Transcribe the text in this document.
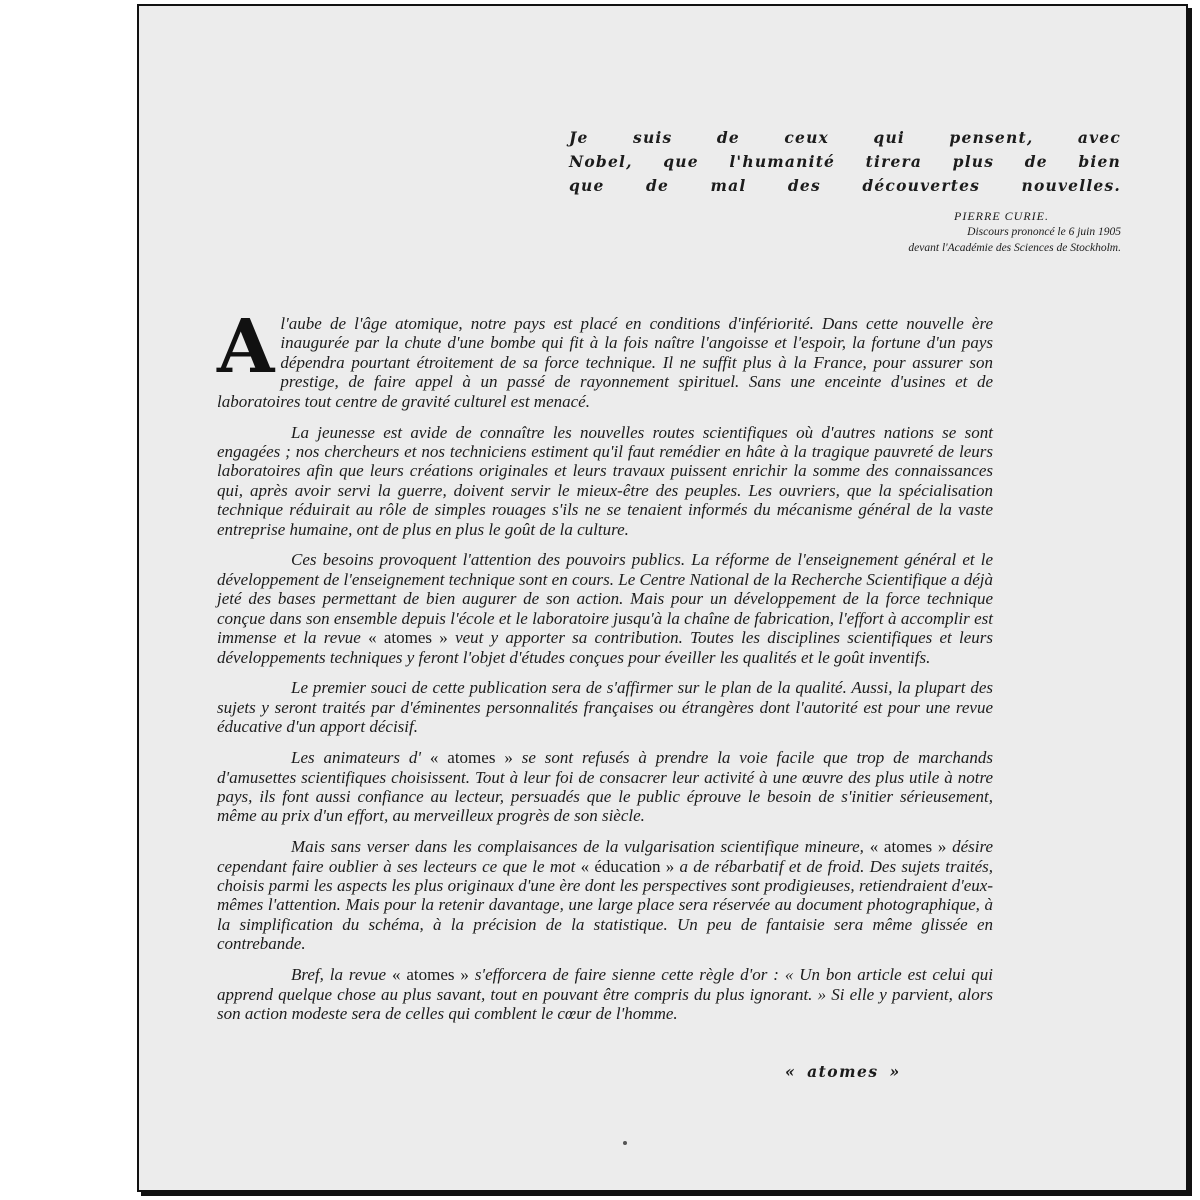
Je suis de ceux qui pensent, avec
Nobel, que l'humanité tirera plus de bien
que de mal des découvertes nouvelles.

PIERRE CURIE.
Discours prononcé le 6 juin 1905
devant l'Académie des Sciences de Stockholm.

Al'aube de l'âge atomique, notre pays est placé en conditions d'infériorité. Dans cette nouvelle ère inaugurée par la chute d'une bombe qui fit à la fois naître l'angoisse et l'espoir, la fortune d'un pays dépendra pourtant étroitement de sa force technique. Il ne suffit plus à la France, pour assurer son prestige, de faire appel à un passé de rayonnement spirituel. Sans une enceinte d'usines et de laboratoires tout centre de gravité culturel est menacé.

La jeunesse est avide de connaître les nouvelles routes scientifiques où d'autres nations se sont engagées ; nos chercheurs et nos techniciens estiment qu'il faut remédier en hâte à la tragique pauvreté de leurs laboratoires afin que leurs créations originales et leurs travaux puissent enrichir la somme des connaissances qui, après avoir servi la guerre, doivent servir le mieux-être des peuples. Les ouvriers, que la spécialisation technique réduirait au rôle de simples rouages s'ils ne se tenaient informés du mécanisme général de la vaste entreprise humaine, ont de plus en plus le goût de la culture.

Ces besoins provoquent l'attention des pouvoirs publics. La réforme de l'enseignement général et le développement de l'enseignement technique sont en cours. Le Centre National de la Recherche Scientifique a déjà jeté des bases permettant de bien augurer de son action. Mais pour un développement de la force technique conçue dans son ensemble depuis l'école et le laboratoire jusqu'à la chaîne de fabrication, l'effort à accomplir est immense et la revue « atomes » veut y apporter sa contribution. Toutes les disciplines scientifiques et leurs développements techniques y feront l'objet d'études conçues pour éveiller les qualités et le goût inventifs.

Le premier souci de cette publication sera de s'affirmer sur le plan de la qualité. Aussi, la plupart des sujets y seront traités par d'éminentes personnalités françaises ou étrangères dont l'autorité est pour une revue éducative d'un apport décisif.

Les animateurs d' « atomes » se sont refusés à prendre la voie facile que trop de marchands d'amusettes scientifiques choisissent. Tout à leur foi de consacrer leur activité à une œuvre des plus utile à notre pays, ils font aussi confiance au lecteur, persuadés que le public éprouve le besoin de s'initier sérieusement, même au prix d'un effort, au merveilleux progrès de son siècle.

Mais sans verser dans les complaisances de la vulgarisation scientifique mineure, « atomes » désire cependant faire oublier à ses lecteurs ce que le mot « éducation » a de rébarbatif et de froid. Des sujets traités, choisis parmi les aspects les plus originaux d'une ère dont les perspectives sont prodigieuses, retiendraient d'eux-mêmes l'attention. Mais pour la retenir davantage, une large place sera réservée au document photographique, à la simplification du schéma, à la précision de la statistique. Un peu de fantaisie sera même glissée en contrebande.

Bref, la revue « atomes » s'efforcera de faire sienne cette règle d'or : « Un bon article est celui qui apprend quelque chose au plus savant, tout en pouvant être compris du plus ignorant. » Si elle y parvient, alors son action modeste sera de celles qui comblent le cœur de l'homme.

« atomes »
